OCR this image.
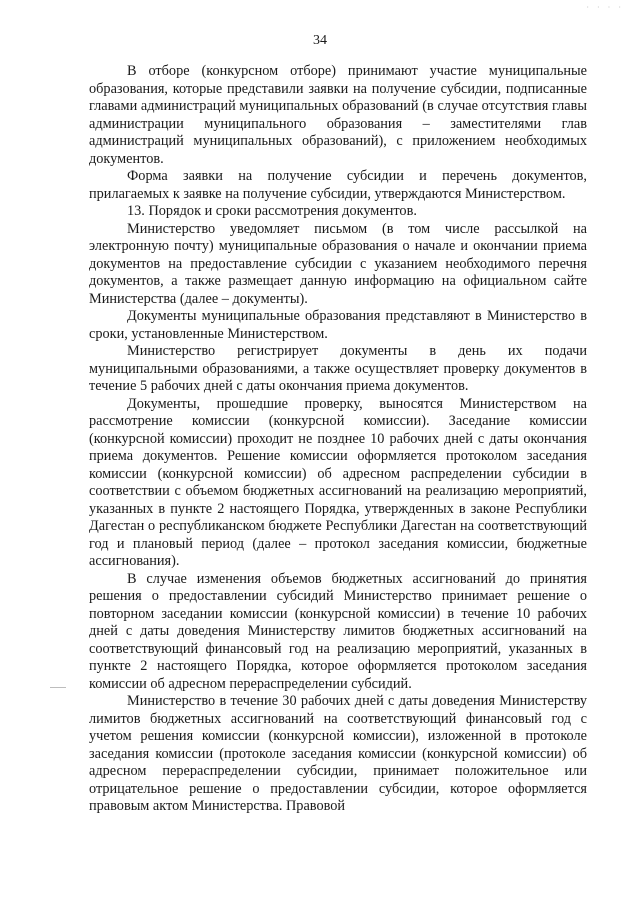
· · · ·
34

В отборе (конкурсном отборе) принимают участие муниципальные образования, которые представили заявки на получение субсидии, подписанные главами администраций муниципальных образований (в случае отсутствия главы администрации муниципального образования – заместителями глав администраций муниципальных образований), с приложением необходимых документов.

Форма заявки на получение субсидии и перечень документов, прилагаемых к заявке на получение субсидии, утверждаются Министерством.

13. Порядок и сроки рассмотрения документов.

Министерство уведомляет письмом (в том числе рассылкой на электронную почту) муниципальные образования о начале и окончании приема документов на предоставление субсидии с указанием необходимого перечня документов, а также размещает данную информацию на официальном сайте Министерства (далее – документы).

Документы муниципальные образования представляют в Министерство в сроки, установленные Министерством.

Министерство регистрирует документы в день их подачи муниципальными образованиями, а также осуществляет проверку документов в течение 5 рабочих дней с даты окончания приема документов.

Документы, прошедшие проверку, выносятся Министерством на рассмотрение комиссии (конкурсной комиссии). Заседание комиссии (конкурсной комиссии) проходит не позднее 10 рабочих дней с даты окончания приема документов. Решение комиссии оформляется протоколом заседания комиссии (конкурсной комиссии) об адресном распределении субсидии в соответствии с объемом бюджетных ассигнований на реализацию мероприятий, указанных в пункте 2 настоящего Порядка, утвержденных в законе Республики Дагестан о республиканском бюджете Республики Дагестан на соответствующий год и плановый период (далее – протокол заседания комиссии, бюджетные ассигнования).

В случае изменения объемов бюджетных ассигнований до принятия решения о предоставлении субсидий Министерство принимает решение о повторном заседании комиссии (конкурсной комиссии) в течение 10 рабочих дней с даты доведения Министерству лимитов бюджетных ассигнований на соответствующий финансовый год на реализацию мероприятий, указанных в пункте 2 настоящего Порядка, которое оформляется протоколом заседания комиссии об адресном перераспределении субсидий.

Министерство в течение 30 рабочих дней с даты доведения Министерству лимитов бюджетных ассигнований на соответствующий финансовый год с учетом решения комиссии (конкурсной комиссии), изложенной в протоколе заседания комиссии (протоколе заседания комиссии (конкурсной комиссии) об адресном перераспределении субсидии, принимает положительное или отрицательное решение о предоставлении субсидии, которое оформляется правовым актом Министерства. Правовой
